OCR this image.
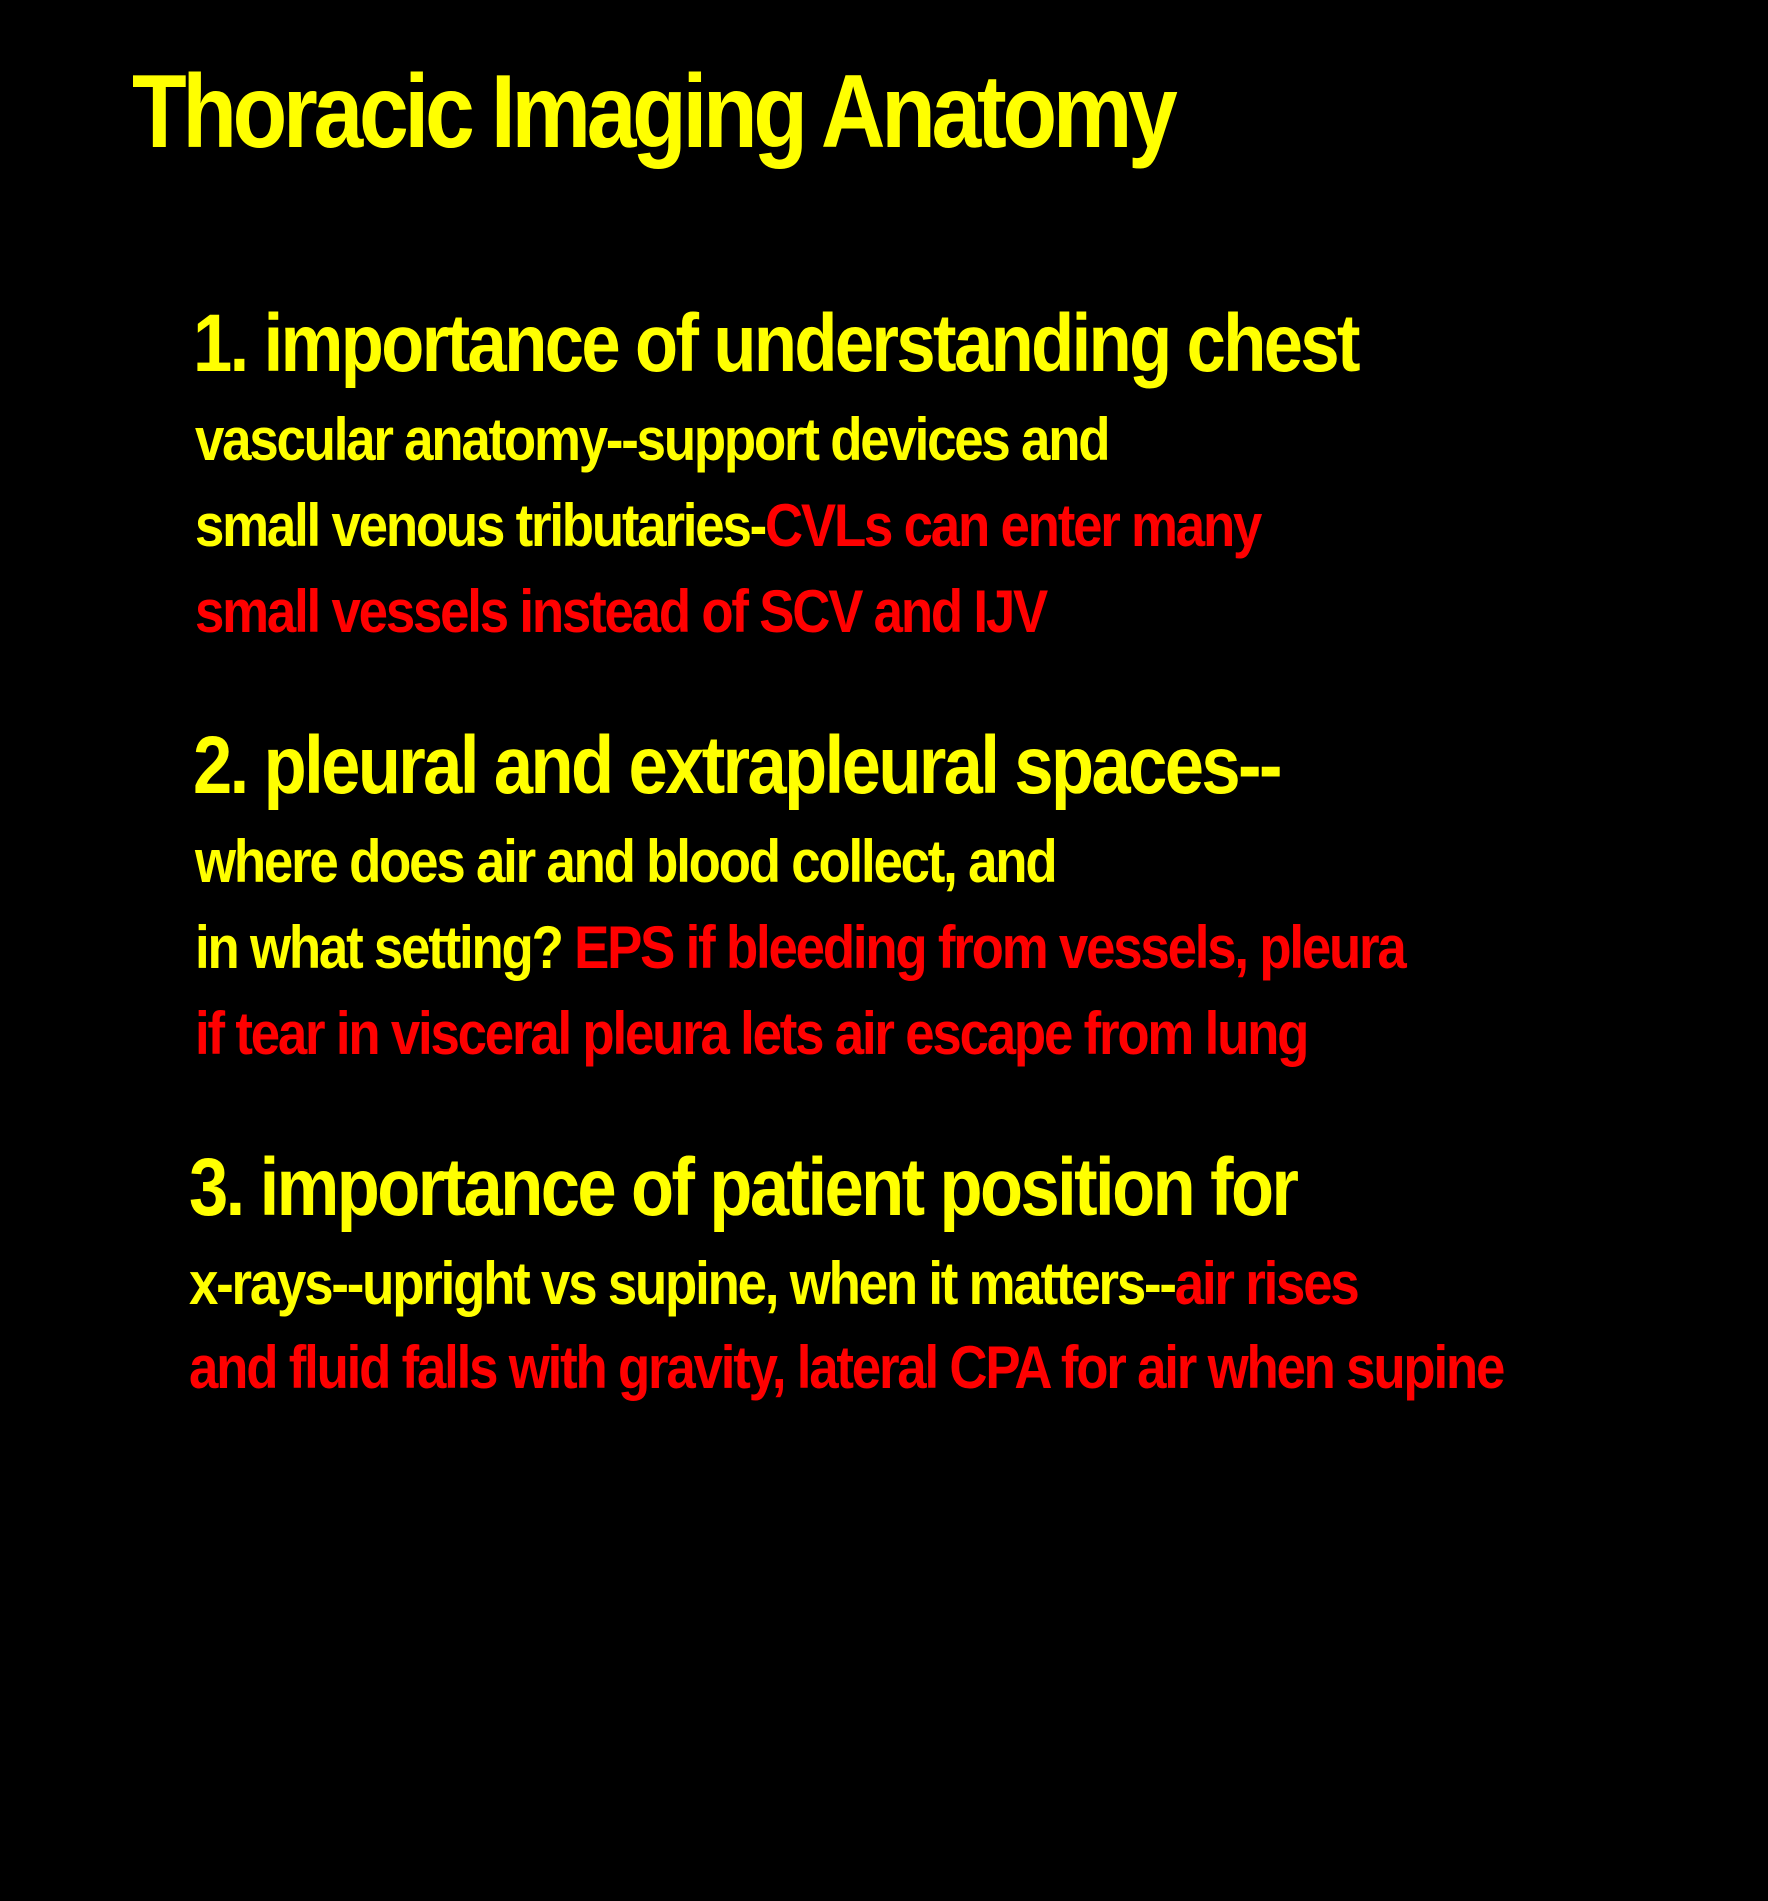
Thoracic Imaging Anatomy

1. importance of understanding chest

vascular anatomy--support devices and

small venous tributaries-CVLs can enter many

small vessels instead of SCV and IJV

2. pleural and extrapleural spaces--

where does air and blood collect, and

in what setting? EPS if bleeding from vessels, pleura

if tear in visceral pleura lets air escape from lung

3. importance of patient position for

x-rays--upright vs supine, when it matters--air rises

and fluid falls with gravity, lateral CPA for air when supine
